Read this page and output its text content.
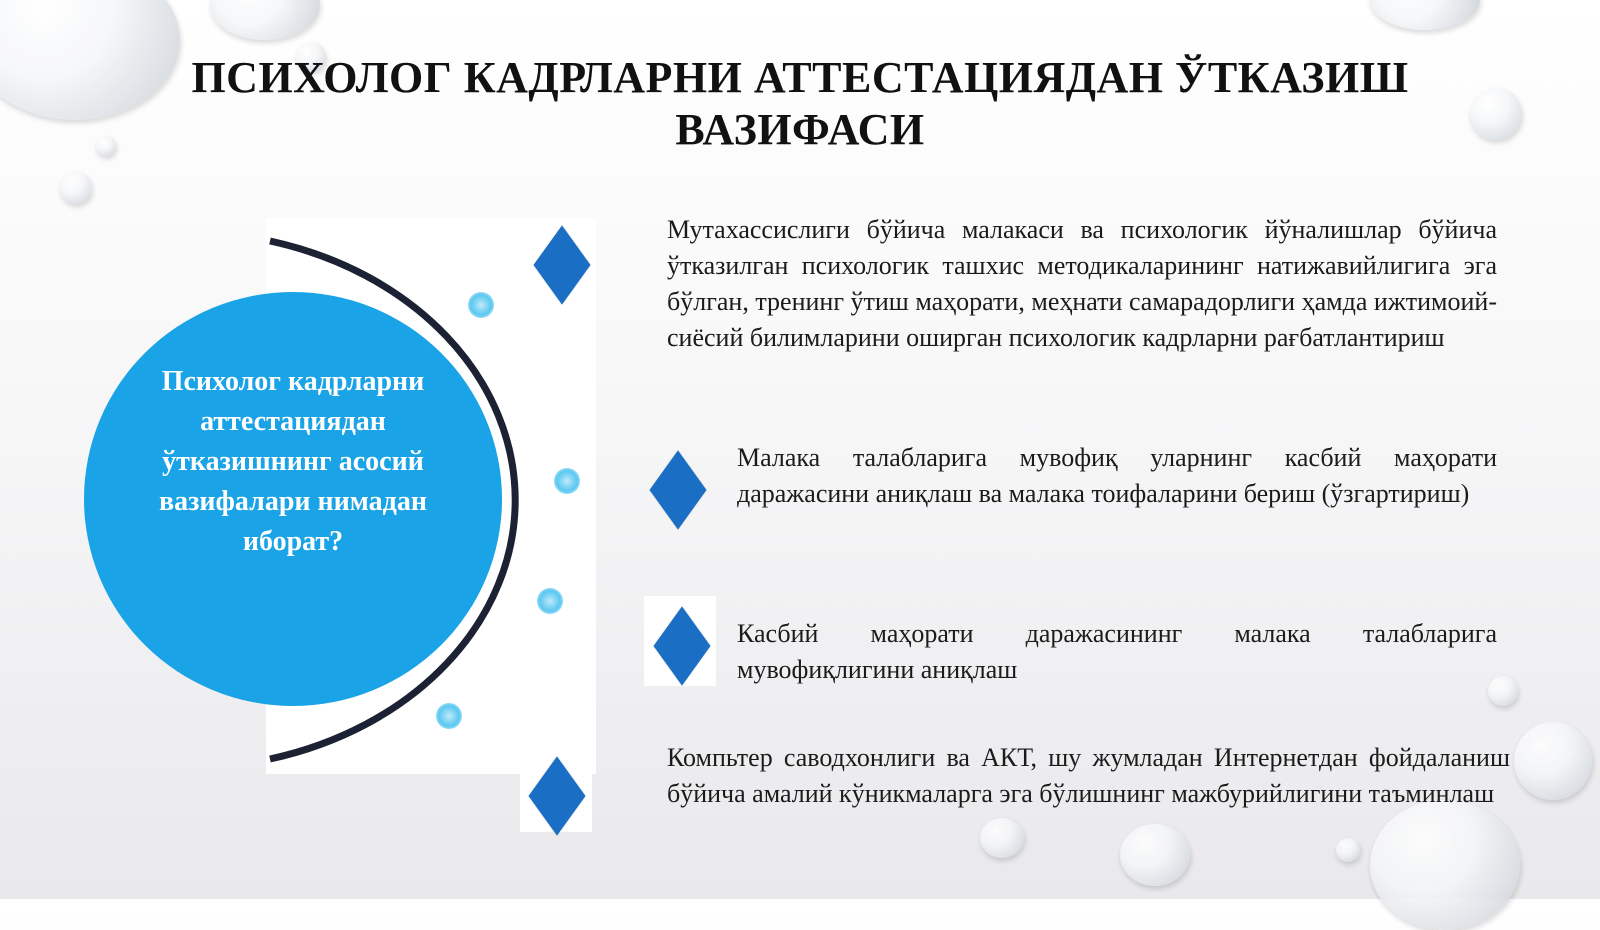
ПСИХОЛОГ КАДРЛАРНИ АТТЕСТАЦИЯДАН ЎТКАЗИШ ВАЗИФАСИ
Психолог кадрларни аттестациядан ўтказишнинг асосий вазифалари нимадан иборат?
Мутахассислиги бўйича малакаси ва психологик йўналишлар бўйича ўтказилган психологик ташхис методикаларининг натижавийлигига эга бўлган, тренинг ўтиш маҳорати, меҳнати самарадорлиги ҳамда ижтимоий-сиёсий билимларини оширган психологик кадрларни рағбатлантириш
Малака талабларига мувофиқ уларнинг касбий маҳорати даражасини аниқлаш ва малака тоифаларини бериш (ўзгартириш)
Касбий маҳорати даражасининг малака талабларига мувофиқлигини аниқлаш
Компьтер саводхонлиги ва АКТ, шу жумладан Интернетдан фойдаланиш бўйича амалий кўникмаларга эга бўлишнинг мажбурийлигини таъминлаш
